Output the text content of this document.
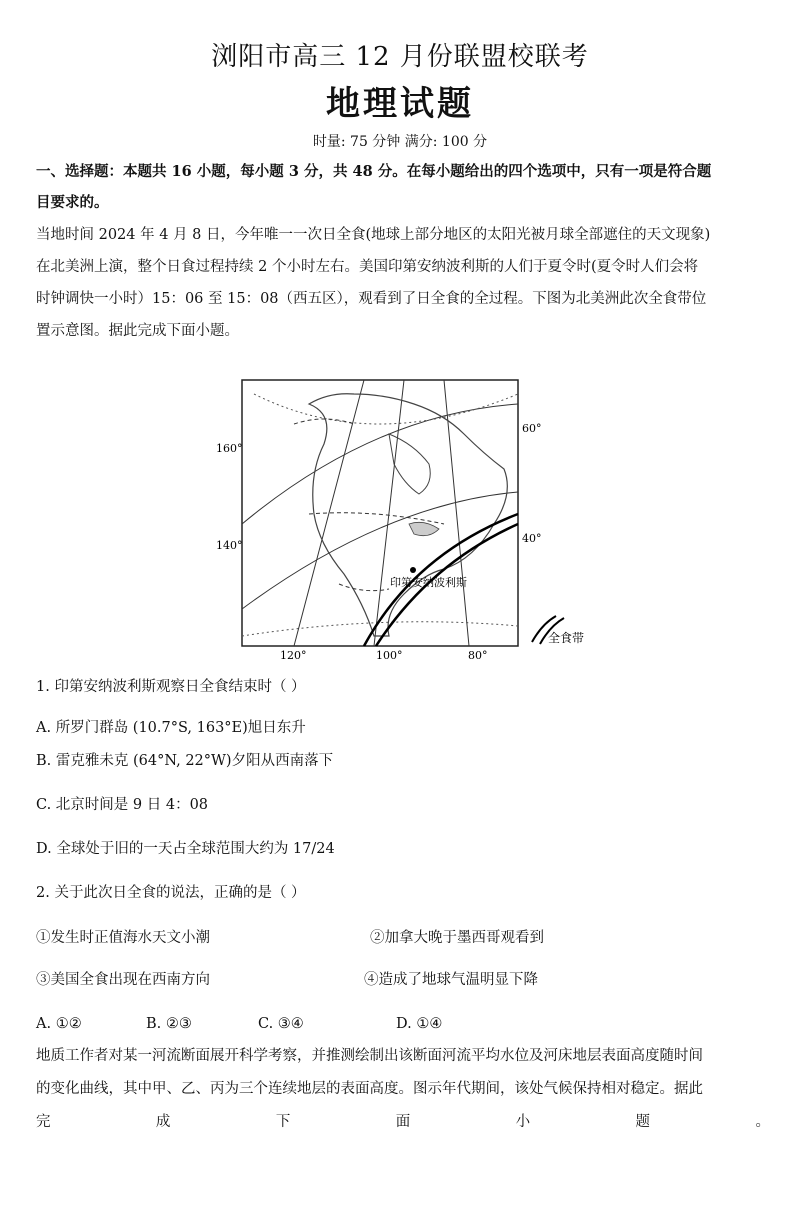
浏阳市高三 12 月份联盟校联考
地理试题
时量: 75 分钟 满分: 100 分
一、选择题：本题共 16 小题，每小题 3 分，共 48 分。在每小题给出的四个选项中，只有一项是符合题
目要求的。
当地时间 2024 年 4 月 8 日，今年唯一一次日全食(地球上部分地区的太阳光被月球全部遮住的天文现象)
在北美洲上演，整个日食过程持续 2 个小时左右。美国印第安纳波利斯的人们于夏令时(夏令时人们会将
时钟调快一小时）15：06 至 15：08（西五区），观看到了日全食的全过程。下图为北美洲此次全食带位
置示意图。据此完成下面小题。
60°
40°
160°
140°
120°	100°	80°
印第安纳波利斯
全食带
1. 印第安纳波利斯观察日全食结束时（ ）
A. 所罗门群岛 (10.7°S, 163°E)旭日东升
B. 雷克雅未克 (64°N, 22°W)夕阳从西南落下
C. 北京时间是 9 日 4：08
D. 全球处于旧的一天占全球范围大约为 17/24
2. 关于此次日全食的说法，正确的是（ ）
①发生时正值海水天文小潮	②加拿大晚于墨西哥观看到
③美国全食出现在西南方向	④造成了地球气温明显下降
A. ①②	B. ②③	C. ③④	D. ①④
地质工作者对某一河流断面展开科学考察，并推测绘制出该断面河流平均水位及河床地层表面高度随时间
的变化曲线，其中甲、乙、丙为三个连续地层的表面高度。图示年代期间，该处气候保持相对稳定。据此
完	成	下	面	小	题	。
